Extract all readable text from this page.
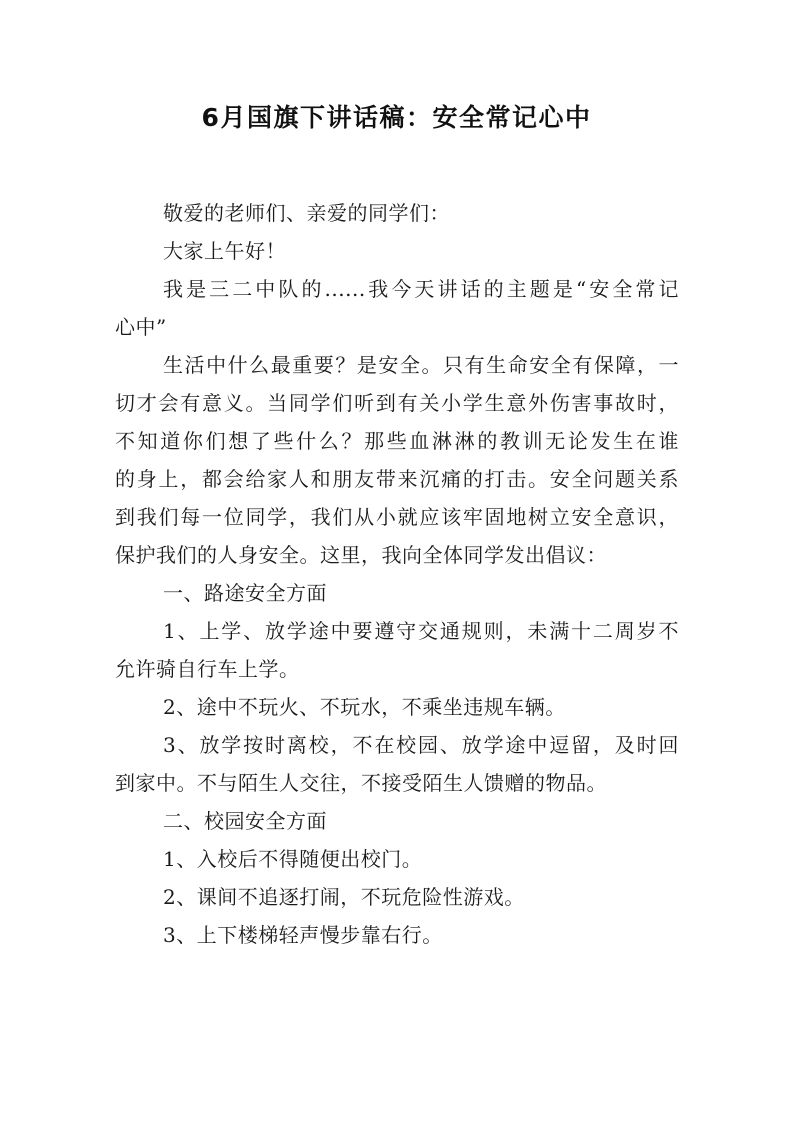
6月国旗下讲话稿：安全常记心中
敬爱的老师们、亲爱的同学们：
大家上午好！
我是三二中队的......我今天讲话的主题是“安全常记
心中”
生活中什么最重要？是安全。只有生命安全有保障，一
切才会有意义。当同学们听到有关小学生意外伤害事故时，
不知道你们想了些什么？那些血淋淋的教训无论发生在谁
的身上，都会给家人和朋友带来沉痛的打击。安全问题关系
到我们每一位同学，我们从小就应该牢固地树立安全意识，
保护我们的人身安全。这里，我向全体同学发出倡议：
一、路途安全方面
1、上学、放学途中要遵守交通规则，未满十二周岁不
允许骑自行车上学。
2、途中不玩火、不玩水，不乘坐违规车辆。
3、放学按时离校，不在校园、放学途中逗留，及时回
到家中。不与陌生人交往，不接受陌生人馈赠的物品。
二、校园安全方面
1、入校后不得随便出校门。
2、课间不追逐打闹，不玩危险性游戏。
3、上下楼梯轻声慢步靠右行。
